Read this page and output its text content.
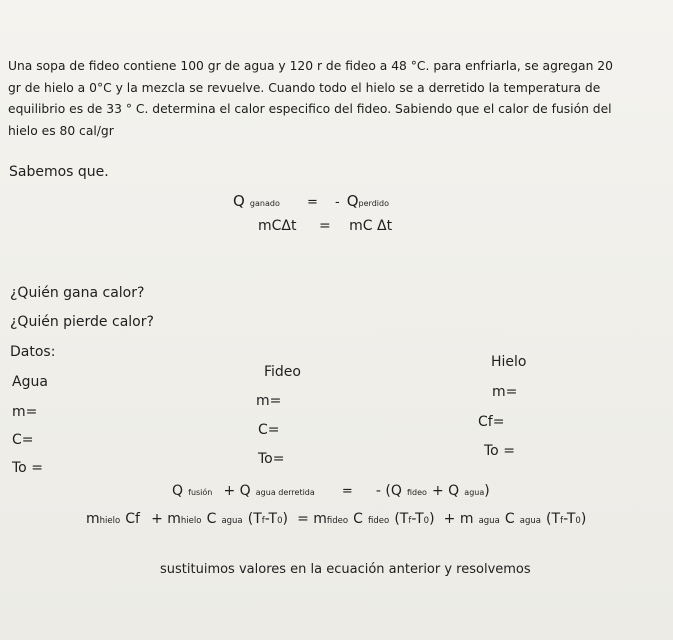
Una sopa de fideo contiene 100 gr de agua y 120 r de fideo a 48 °C. para enfriarla, se agregan 20

gr de hielo a 0°C y la mezcla se revuelve. Cuando todo el hielo se a derretido la temperatura de

equilibrio es de 33 ° C. determina el calor especifico del fideo. Sabiendo que el calor de fusión del

hielo es 80 cal/gr

Sabemos que.
Q ganado = - Qperdido
mCΔt = mC Δt
¿Quién gana calor?
¿Quién pierde calor?
Datos:
Agua
m=
C=
To =
Fideo
m=
C=
To=
Hielo
m=
Cf=
To =
Q fusión + Q agua derretida = - (Q fideo + Q agua)
mhielo Cf + mhielo C agua (Tf-T0) = mfideo C fideo (Tf-T0) + m agua C agua (Tf-T0)
sustituimos valores en la ecuación anterior y resolvemos
